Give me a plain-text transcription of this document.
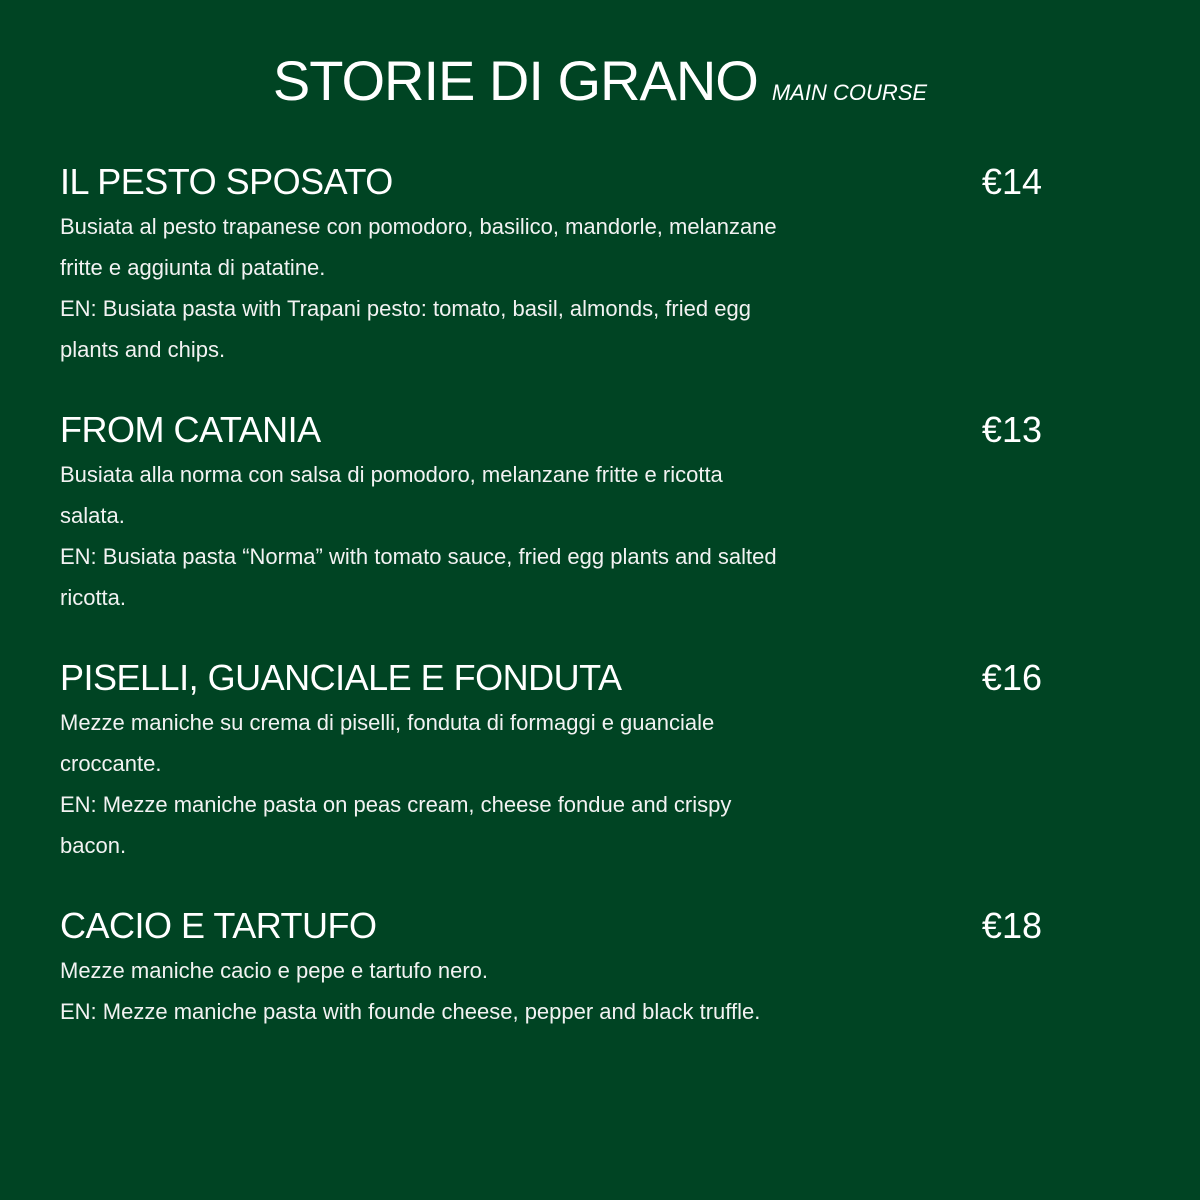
STORIE DI GRANO MAIN COURSE
IL PESTO SPOSATO	€14
Busiata al pesto trapanese con pomodoro, basilico, mandorle, melanzane fritte e aggiunta di patatine.
EN: Busiata pasta with Trapani pesto: tomato, basil, almonds, fried egg plants and chips.
FROM CATANIA	€13
Busiata alla norma con salsa di pomodoro, melanzane fritte e ricotta salata.
EN: Busiata pasta “Norma” with tomato sauce, fried egg plants and salted ricotta.
PISELLI, GUANCIALE E FONDUTA	€16
Mezze maniche su crema di piselli, fonduta di formaggi e guanciale croccante.
EN: Mezze maniche pasta on peas cream, cheese fondue and crispy bacon.
CACIO E TARTUFO	€18
Mezze maniche cacio e pepe e tartufo nero.
EN: Mezze maniche pasta with founde cheese, pepper and black truffle.
